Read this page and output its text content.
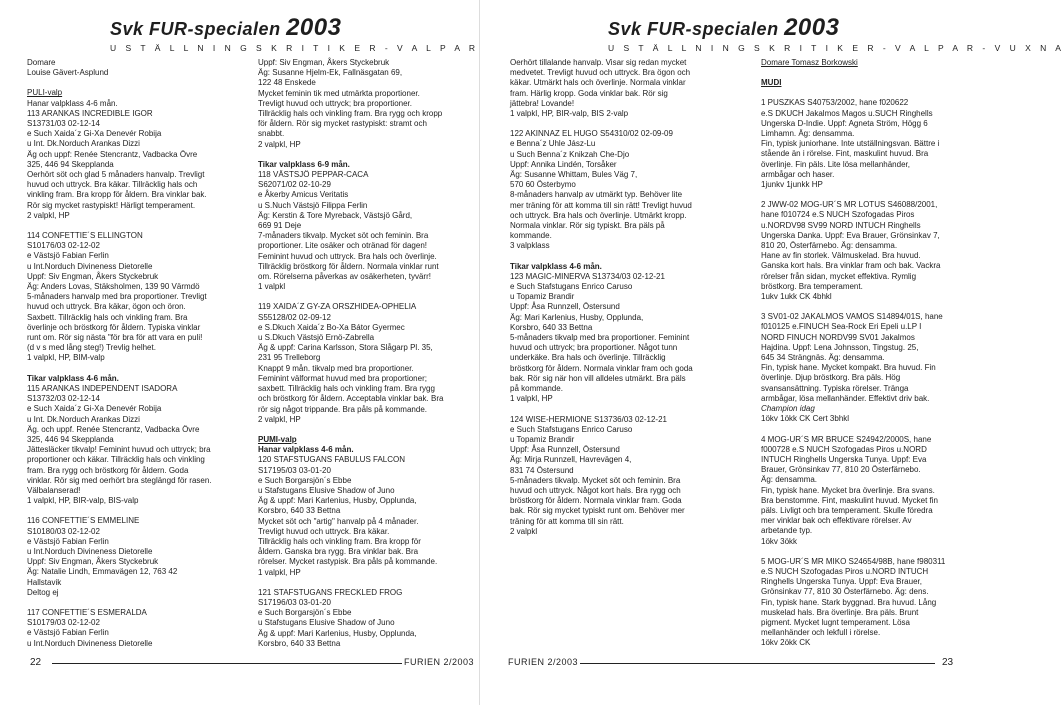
Svk FUR-specialen 2003
U S T Ä L L N I N G S K R I T I K E R - V A L P A R

Domare

Louise Gävert-Asplund

PULI-valp

Hanar valpklass 4-6 mån.

113 ARANKAS INCREDIBLE IGOR

S13731/03 02-12-14

e Such Xaida´z Gi-Xa Denevér Robija

u Int. Dk.Norduch Arankas Dizzi

Äg och uppf: Renée Stencrantz, Vadbacka Övre

325, 446 94 Skepplanda

Oerhört söt och glad 5 månaders hanvalp. Trevligt

huvud och uttryck. Bra käkar. Tillräcklig hals och

vinkling fram. Bra kropp för åldern. Bra vinklar bak.

Rör sig mycket rastypiskt! Härligt temperament.

2 valpkl, HP

114 CONFETTIE´S ELLINGTON

S10176/03 02-12-02

e Västsjö Fabian Ferlin

u Int.Norduch Divineness Dietorelle

Uppf: Siv Engman, Åkers Styckebruk

Äg: Anders Lovas, Stäksholmen, 139 90 Värmdö

5-månaders hanvalp med bra proportioner. Trevligt

huvud och uttryck. Bra käkar, ögon och öron.

Saxbett. Tillräcklig hals och vinkling fram. Bra

överlinje och bröstkorg för åldern. Typiska vinklar

runt om. Rör sig nästa "för bra för att vara en puli!

(d v s med lång steg!) Trevlig helhet.

1 valpkl, HP, BIM-valp

Tikar valpklass 4-6 mån.

115 ARANKAS INDEPENDENT ISADORA

S13732/03 02-12-14

e Such Xaida´z Gi-Xa Denevér Robija

u Int. Dk.Norduch Arankas Dizzi

Äg. och uppf. Renée Stencrantz, Vadbacka Övre

325, 446 94 Skepplanda

Jättesläcker tikvalp! Feminint huvud och uttryck; bra

proportioner och käkar. Tillräcklig hals och vinkling

fram. Bra rygg och bröstkorg för åldern. Goda

vinklar. Rör sig med oerhört bra steglängd för rasen.

Välbalanserad!

1 valpkl, HP, BIR-valp, BIS-valp

116 CONFETTIE´S EMMELINE

S10180/03 02-12-02

e Västsjö Fabian Ferlin

u Int.Norduch Divineness Dietorelle

Uppf: Siv Engman, Åkers Styckebruk

Äg: Natalie Lindh, Emmavägen 12, 763 42

Hallstavik

Deltog ej

117 CONFETTIE´S ESMERALDA

S10179/03 02-12-02

e Västsjö Fabian Ferlin

u Int.Norduch Divineness Dietorelle

Uppf: Siv Engman, Åkers Styckebruk

Äg: Susanne Hjelm-Ek, Fallnäsgatan 69,

122 48 Enskede

Mycket feminin tik med utmärkta proportioner.

Trevligt huvud och uttryck; bra proportioner.

Tillräcklig hals och vinkling fram. Bra rygg och kropp

för åldern. Rör sig mycket rastypiskt: stramt och

snabbt.

2 valpkl, HP

Tikar valpklass 6-9 mån.

118 VÄSTSJÖ PEPPAR-CACA

S62071/02 02-10-29

e Åkerby Amicus Veritatis

u S.Nuch Västsjö Filippa Ferlin

Äg: Kerstin & Tore Myreback, Västsjö Gård,

669 91 Deje

7-månaders tikvalp. Mycket söt och feminin. Bra

proportioner. Lite osäker och otränad för dagen!

Feminint huvud och uttryck. Bra hals och överlinje.

Tillräcklig bröstkorg för åldern. Normala vinklar runt

om. Rörelserna påverkas av osäkerheten, tyvärr!

1 valpkl

119 XAIDA´Z GY-ZA ORSZHIDEA-OPHELIA

S55128/02 02-09-12

e S.Dkuch Xaida´z Bo-Xa Bátor Gyermec

u S.Dkuch Västsjö Ernö-Zabrella

Äg & uppf: Carina Karlsson, Stora Slågarp Pl. 35,

231 95 Trelleborg

Knappt 9 mån. tikvalp med bra proportioner.

Feminint välformat huvud med bra proportioner;

saxbett. Tillräcklig hals och vinkling fram. Bra rygg

och bröstkorg för åldern. Acceptabla vinklar bak. Bra

rör sig något trippande. Bra påls på kommande.

2 valpkl, HP

PUMI-valp

Hanar valpklass 4-6 mån.

120 STAFSTUGANS FABULUS FALCON

S17195/03 03-01-20

e Such Borgarsjön´s Ebbe

u Stafstugans Elusive Shadow of Juno

Äg & uppf: Mari Karlenius, Husby, Opplunda,

Korsbro, 640 33 Bettna

Mycket söt och "artig" hanvalp på 4 månader.

Trevligt huvud och uttryck. Bra käkar.

Tillräcklig hals och vinkling fram. Bra kropp för

åldern. Ganska bra rygg. Bra vinklar bak. Bra

rörelser. Mycket rastypisk. Bra påls på kommande.

1 valpkl, HP

121 STAFSTUGANS FRECKLED FROG

S17196/03 03-01-20

e Such Borgarsjön´s Ebbe

u Stafstugans Elusive Shadow of Juno

Äg & uppf: Mari Karlenius, Husby, Opplunda,

Korsbro, 640 33 Bettna

22	FURIEN 2/2003
Svk FUR-specialen 2003
U S T Ä L L N I N G S K R I T I K E R - V A L P A R - V U X N A

Oerhört tillalande hanvalp. Visar sig redan mycket

medvetet. Trevligt huvud och uttryck. Bra ögon och

käkar. Utmärkt hals och överlinje. Normala vinklar

fram. Härlig kropp. Goda vinklar bak. Rör sig

jättebra! Lovande!

1 valpkl, HP, BIR-valp, BIS 2-valp

122 AKINNAZ EL HUGO S54310/02 02-09-09

e Benna´z Uhle Jász-Lu

u Such Benna´z Knikzah Che-Djo

Uppf: Annika Lindén, Torsåker

Äg: Susanne Whittam, Bules Väg 7,

570 60 Österbymo

8-månaders hanvalp av utmärkt typ. Behöver lite

mer träning för att komma till sin rätt! Trevligt huvud

och uttryck. Bra hals och överlinje. Utmärkt kropp.

Normala vinklar. Rör sig typiskt. Bra päls på

kommande.

3 valpklass

Tikar valpklass 4-6 mån.

123 MAGIC-MINERVA S13734/03 02-12-21

e Such Stafstugans Enrico Caruso

u Topamiz Brandir

Uppf: Åsa Runnzell, Östersund

Äg: Mari Karlenius, Husby, Opplunda,

Korsbro, 640 33 Bettna

5-månaders tikvalp med bra proportioner. Feminint

huvud och uttryck; bra proportioner. Något tunn

underkäke. Bra hals och överlinje. Tillräcklig

bröstkorg för åldern. Normala vinklar fram och goda

bak. Rör sig när hon vill alldeles utmärkt. Bra päls

på kommande.

1 valpkl, HP

124 WISE-HERMIONE S13736/03 02-12-21

e Such Stafstugans Enrico Caruso

u Topamiz Brandir

Uppf: Åsa Runnzell, Östersund

Äg: Mirja Runnzell, Havrevägen 4,

831 74 Östersund

5-månaders tikvalp. Mycket söt och feminin. Bra

huvud och uttryck. Något kort hals. Bra rygg och

bröstkorg för åldern. Normala vinklar fram. Goda

bak. Rör sig mycket typiskt runt om. Behöver mer

träning för att komma till sin rätt.

2 valpkl

Domare Tomasz Borkowski

MUDI

1 PUSZKAS S40753/2002, hane f020622

e.S DKUCH Jakalmos Magos u.SUCH Ringhells

Ungerska D-Indie. Uppf: Agneta Ström, Högg 6

Limhamn. Äg: densamma.

Fin, typisk juniorhane. Inte utställningsvan. Bättre i

stående än i rörelse. Fint, maskulint huvud. Bra

överlinje. Fin päls. Lite lösa mellanhänder,

armbågar och haser.

1junkv 1junkk HP

2 JWW-02 MOG-UR´S MR LOTUS S46088/2001,

hane f010724 e.S NUCH Szofogadas Piros

u.NORDV98 SV99 NORD INTUCH Ringhells

Ungerska Danka. Uppf: Eva Brauer, Grönsinkav 7,

810 20, Österfärnebo. Äg: densamma.

Hane av fin storlek. Välmuskelad. Bra huvud.

Ganska kort hals. Bra vinklar fram och bak. Vackra

rörelser från sidan, mycket effektiva. Rymlig

bröstkorg. Bra temperament.

1ukv 1ukk CK 4bhkl

3 SV01-02 JAKALMOS VAMOS S14894/01S, hane

f010125 e.FINUCH Sea-Rock Eri Epeli u.LP I

NORD FINUCH NORDV99 SV01 Jakalmos

Hajdina. Uppf: Lena Johnsson, Tingstug. 25,

645 34 Strängnäs. Äg: densamma.

Fin, typisk hane. Mycket kompakt. Bra huvud. Fin

överlinje. Djup bröstkorg. Bra päls. Hög

svansansättning. Typiska rörelser. Tränga

armbågar, lösa mellanhänder. Effektivt driv bak.

Champion idag

1ökv 1ökk CK Cert 3bhkl

4 MOG-UR´S MR BRUCE S24942/2000S, hane

f000728 e.S NUCH Szofogadas Piros u.NORD

INTUCH Ringhells Ungerska Tunya. Uppf: Eva

Brauer, Grönsinkav 77, 810 20 Österfärnebo.

Äg: densamma.

Fin, typisk hane. Mycket bra överlinje. Bra svans.

Bra benstomme. Fint, maskulint huvud. Mycket fin

päls. Livligt och bra temperament. Skulle föredra

mer vinklar bak och effektivare rörelser. Av

arbetande typ.

1ökv 3ökk

5 MOG-UR´S MR MIKO S24654/98B, hane f980311

e.S NUCH Szofogadas Piros u.NORD INTUCH

Ringhells Ungerska Tunya. Uppf: Eva Brauer,

Grönsinkav 77, 810 30 Österfärnebo. Äg: dens.

Fin, typisk hane. Stark byggnad. Bra huvud. Lång

muskelad hals. Bra överlinje. Bra päls. Brunt

pigment. Mycket lugnt temperament. Lösa

mellanhänder och lekfull i rörelse.

1ökv 2ökk CK

FURIEN 2/2003	23
